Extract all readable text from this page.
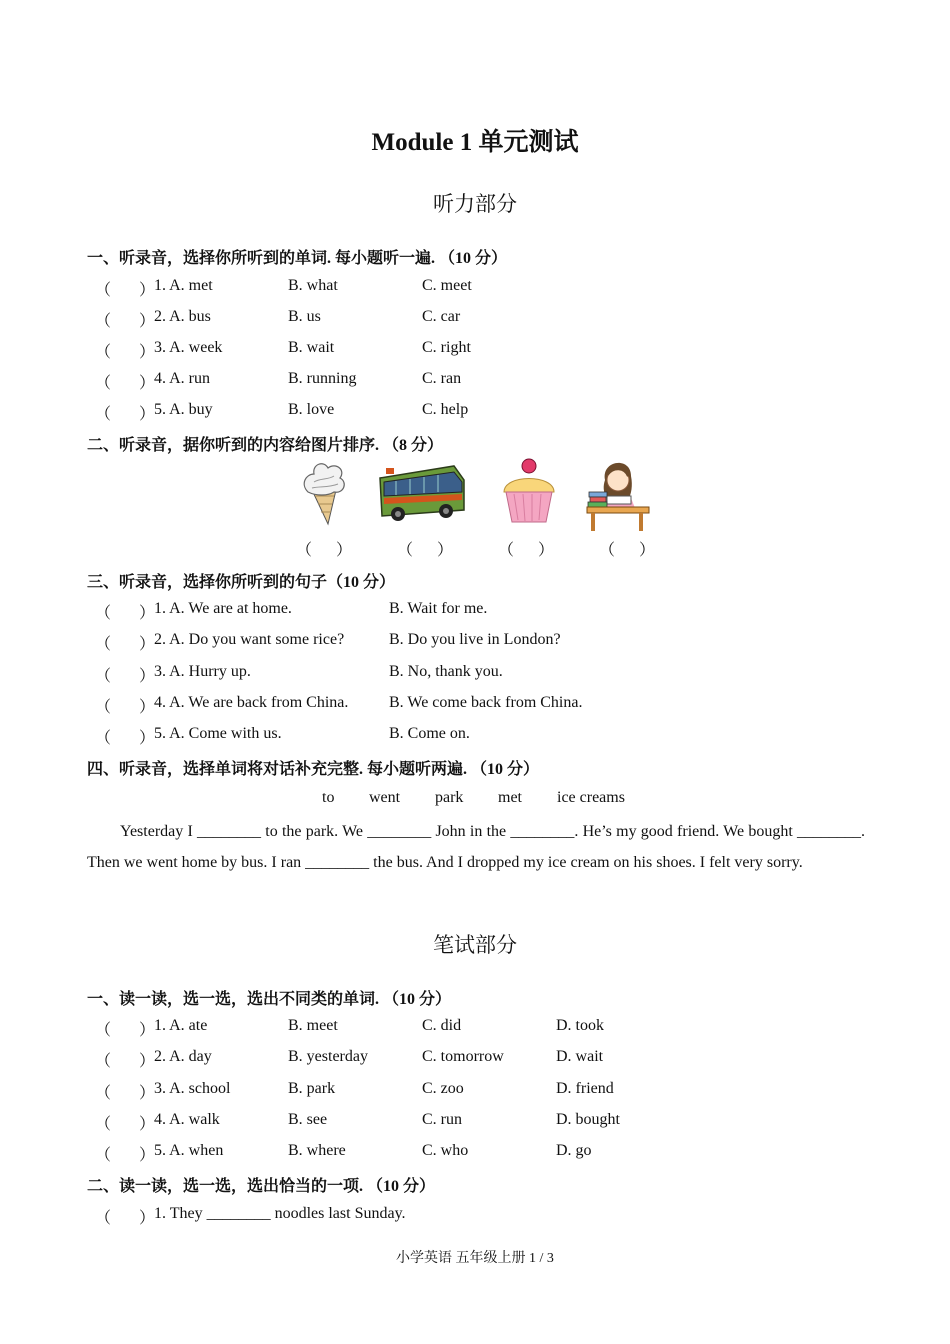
Module 1 单元测试
听力部分
一、听录音，选择你所听到的单词. 每小题听一遍. （10 分）
（ ）
1. A. met	B. what	C. meet
（ ）
2. A. bus	B. us	C. car
（ ）
3. A. week	B. wait	C. right
（ ）
4. A. run	B. running	C. ran
（ ）
5. A. buy	B. love	C. help
二、听录音，据你听到的内容给图片排序. （8 分）
（ ）	（ ）	（ ）	（ ）
三、听录音，选择你所听到的句子（10 分）
（ ）
1. A. We are at home.	B. Wait for me.
（ ）
2. A. Do you want some rice?	B. Do you live in London?
（ ）
3. A. Hurry up.	B. No, thank you.
（ ）
4. A. We are back from China.	B. We come back from China.
（ ）
5. A. Come with us.	B. Come on.
四、听录音，选择单词将对话补充完整. 每小题听两遍. （10 分）
to went park met ice creams

Yesterday I ________ to the park. We ________ John in the ________. He’s my good friend. We bought ________. Then we went home by bus. I ran ________ the bus. And I dropped my ice cream on his shoes. I felt very sorry.

笔试部分
一、读一读，选一选，选出不同类的单词. （10 分）
（ ）
1. A. ate	B. meet	C. did	D. took
（ ）
2. A. day	B. yesterday	C. tomorrow	D. wait
（ ）
3. A. school	B. park	C. zoo	D. friend
（ ）
4. A. walk	B. see	C. run	D. bought
（ ）
5. A. when	B. where	C. who	D. go
二、读一读，选一选，选出恰当的一项. （10 分）
（ ）
1. They ________ noodles last Sunday.
小学英语 五年级上册 1 / 3
